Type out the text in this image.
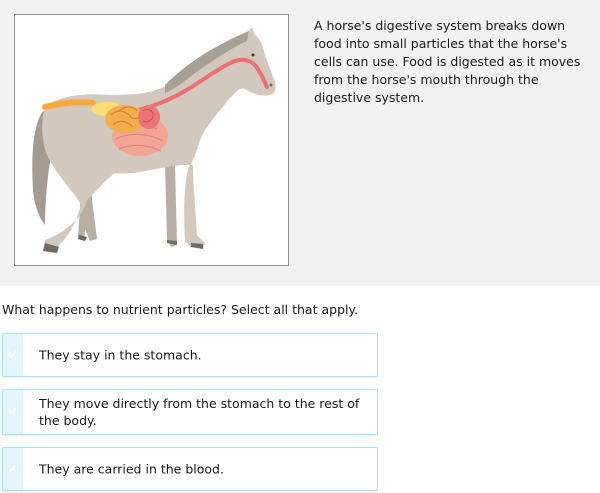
A horse's digestive system breaks down food into small particles that the horse's cells can use. Food is digested as it moves from the horse's mouth through the digestive system.

What happens to nutrient particles? Select all that apply.

✔	They stay in the stomach.
✔
They move directly from the stomach to the rest of the body.
✔	They are carried in the blood.
